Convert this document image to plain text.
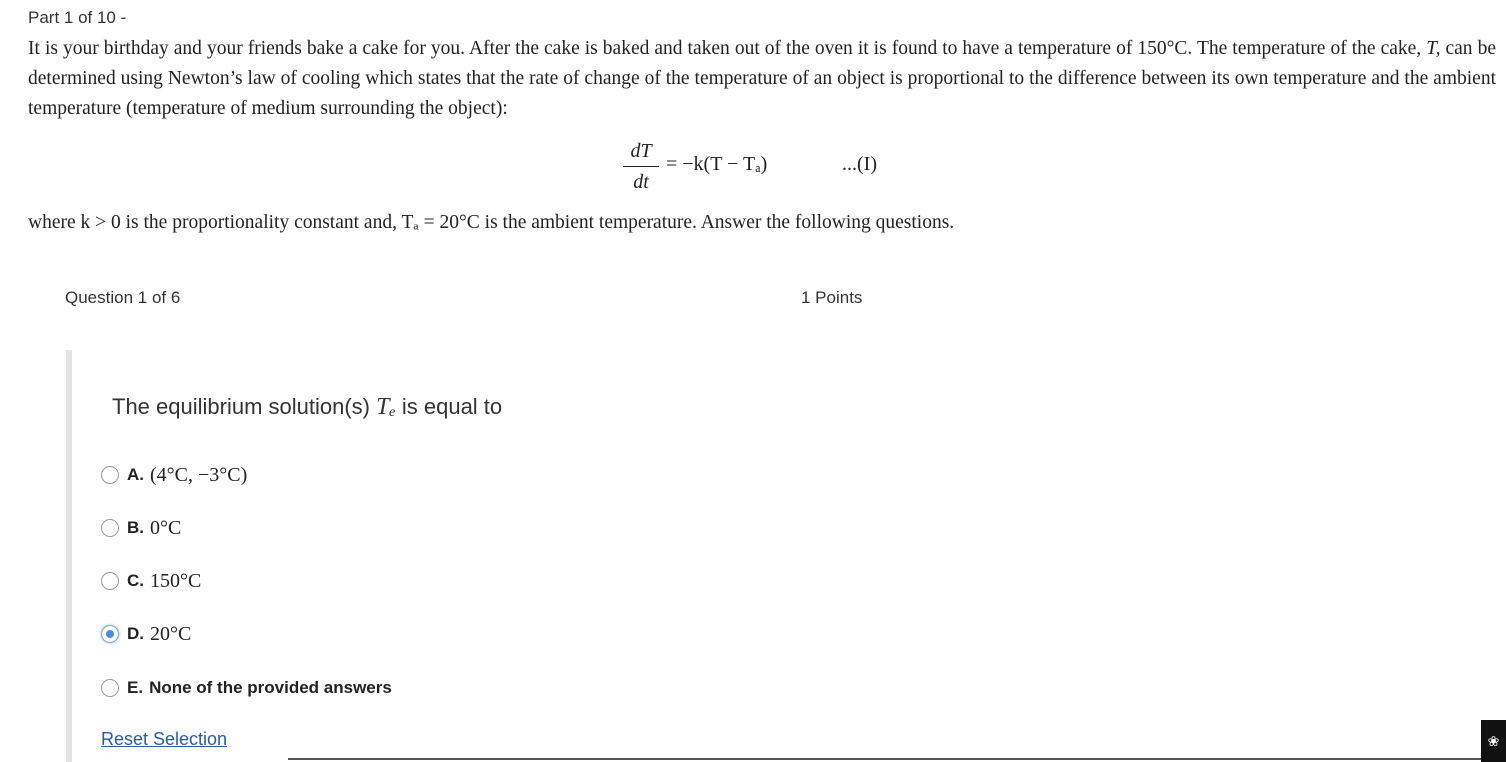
Part 1 of 10 -
It is your birthday and your friends bake a cake for you. After the cake is baked and taken out of the oven it is found to have a temperature of 150°C. The temperature of the cake, T, can be determined using Newton’s law of cooling which states that the rate of change of the temperature of an object is proportional to the difference between its own temperature and the ambient temperature (temperature of medium surrounding the object):
dT
dt
= −k(T − Tₐ)	...(I)
where k > 0 is the proportionality constant and, Tₐ = 20°C is the ambient temperature. Answer the following questions.
Question 1 of 6	1 Points
The equilibrium solution(s) Tₑ is equal to
A. (4°C, −3°C)
B. 0°C
C. 150°C
D. 20°C
E. None of the provided answers
Reset Selection	❀
